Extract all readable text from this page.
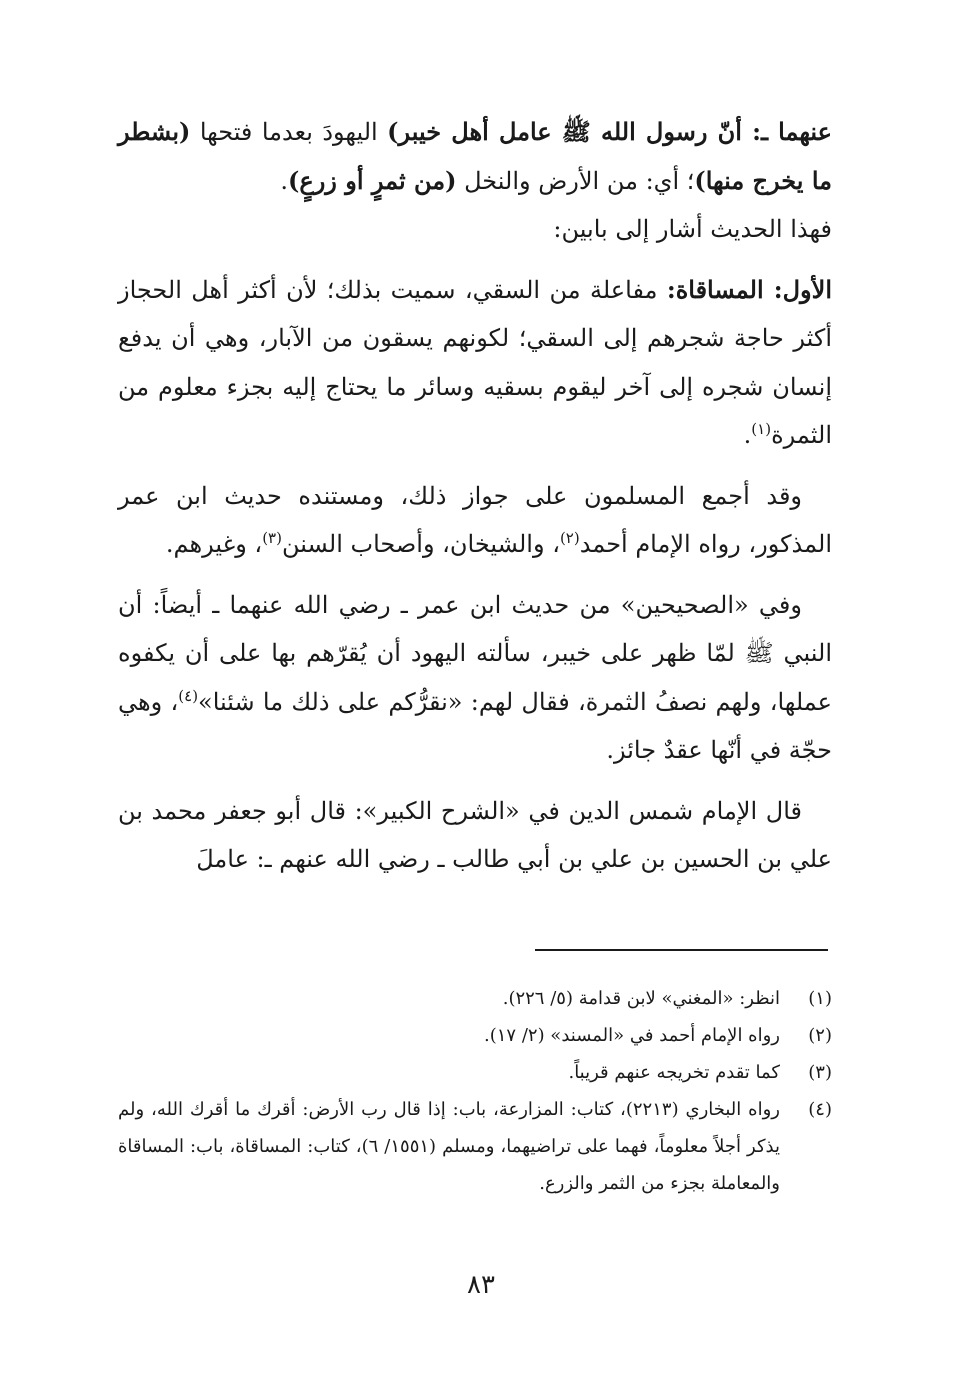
عنهما ـ: أنّ رسول الله ﷺ عامل أهل خيبر) اليهودَ بعدما فتحها (بشطر ما يخرج منها)؛ أي: من الأرض والنخل (من ثمرٍ أو زرعٍ).

فهذا الحديث أشار إلى بابين:

الأول: المساقاة: مفاعلة من السقي، سميت بذلك؛ لأن أكثر أهل الحجاز أكثر حاجة شجرهم إلى السقي؛ لكونهم يسقون من الآبار، وهي أن يدفع إنسان شجره إلى آخر ليقوم بسقيه وسائر ما يحتاج إليه بجزء معلوم من الثمرة$^{(١)}$.

وقد أجمع المسلمون على جواز ذلك، ومستنده حديث ابن عمر المذكور، رواه الإمام أحمد$^{(٢)}$، والشيخان، وأصحاب السنن$^{(٣)}$، وغيرهم.

وفي «الصحيحين» من حديث ابن عمر ـ رضي الله عنهما ـ أيضاً: أن النبي ﷺ لمّا ظهر على خيبر، سألته اليهود أن يُقرّهم بها على أن يكفوه عملها، ولهم نصفُ الثمرة، فقال لهم: «نقرُّكم على ذلك ما شئنا»$^{(٤)}$، وهي حجّة في أنّها عقدٌ جائز.

قال الإمام شمس الدين في «الشرح الكبير»: قال أبو جعفر محمد بن علي بن الحسين بن علي بن أبي طالب ـ رضي الله عنهم ـ: عاملَ

(١)
انظر: «المغني» لابن قدامة (٥/ ٢٢٦).
(٢)
رواه الإمام أحمد في «المسند» (٢/ ١٧).
(٣)
كما تقدم تخريجه عنهم قريباً.
(٤)
رواه البخاري (٢٢١٣)، كتاب: المزارعة، باب: إذا قال رب الأرض: أقرك ما أقرك الله، ولم يذكر أجلاً معلوماً، فهما على تراضيهما، ومسلم (١٥٥١/ ٦)، كتاب: المساقاة، باب: المساقاة والمعاملة بجزء من الثمر والزرع.
٨٣
